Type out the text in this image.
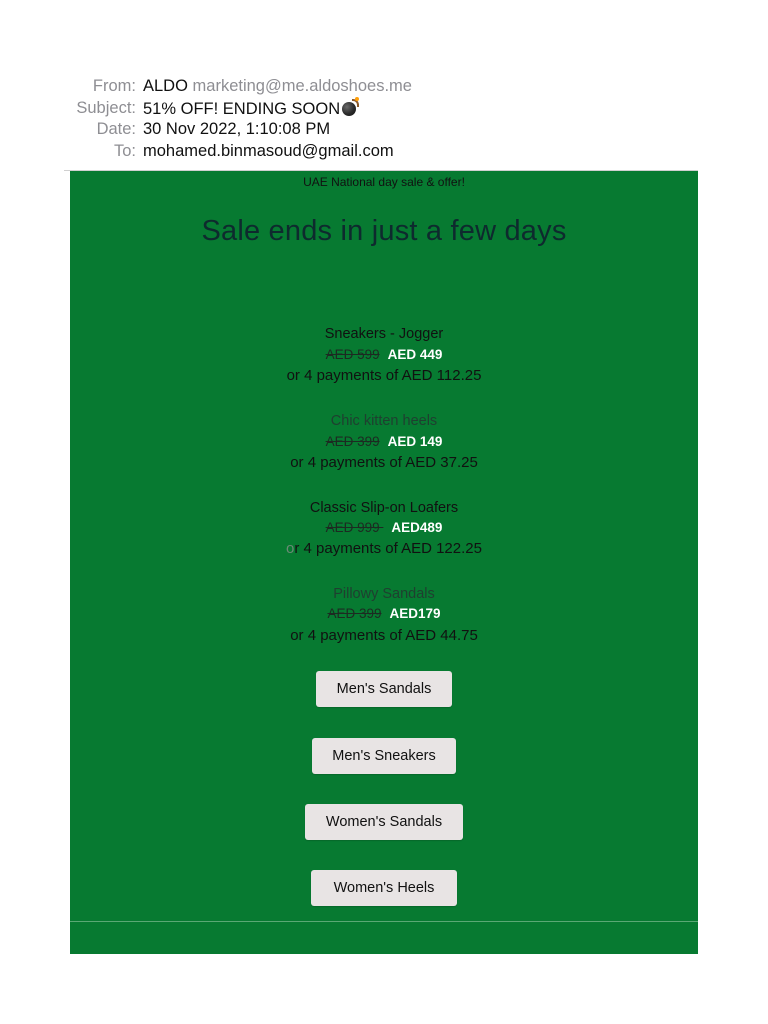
From: ALDO marketing@me.aldoshoes.me
Subject: 51% OFF! ENDING SOON
Date: 30 Nov 2022, 1:10:08 PM
To: mohamed.binmasoud@gmail.com
UAE National day sale & offer!
Sale ends in just a few days
Sneakers - Jogger
AED 599 AED 449
or 4 payments of AED 112.25
Chic kitten heels
AED 399 AED 149
or 4 payments of AED 37.25
Classic Slip-on Loafers
AED 999 AED489
or 4 payments of AED 122.25
Pillowy Sandals
AED 399 AED179
or 4 payments of AED 44.75
Men's Sandals
Men's Sneakers
Women's Sandals
Women's Heels
